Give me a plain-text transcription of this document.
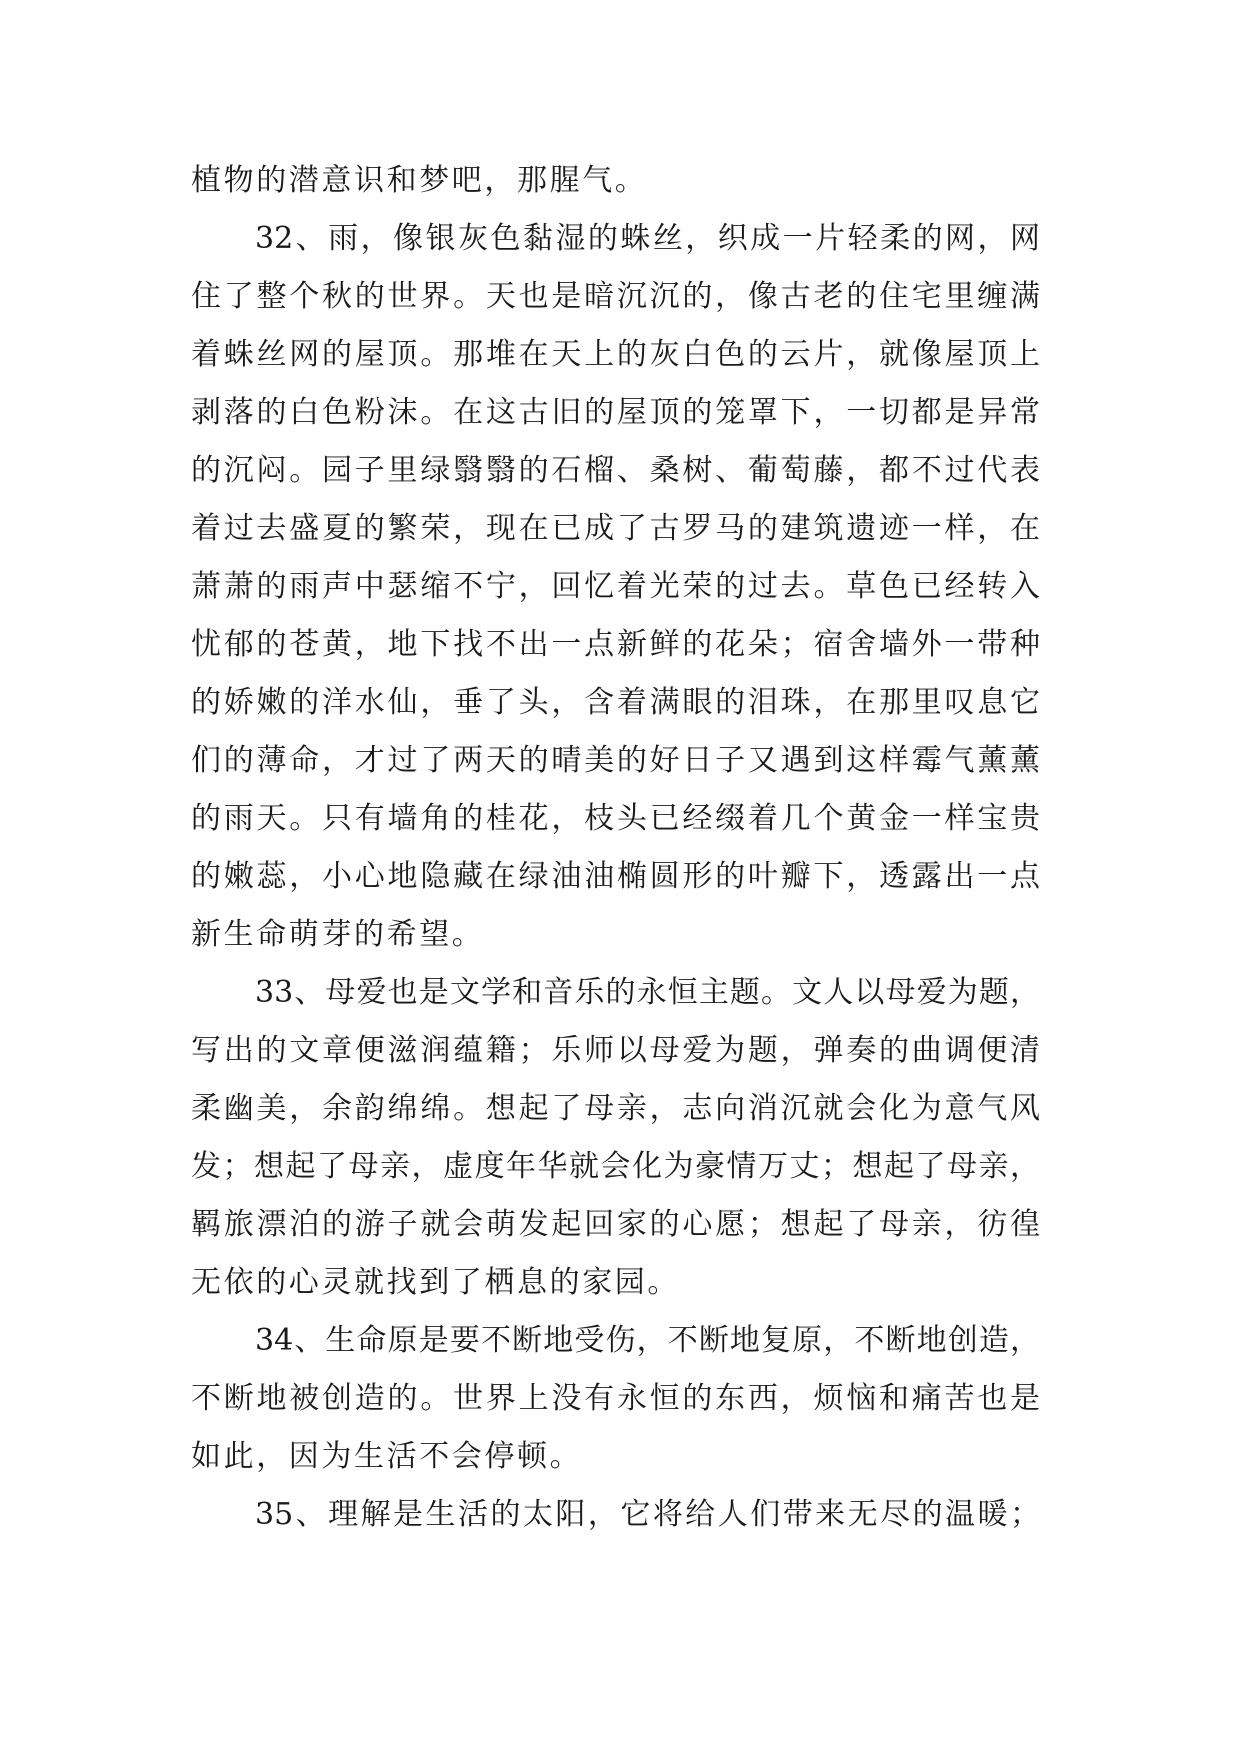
植物的潜意识和梦吧，那腥气。
32、雨，像银灰色黏湿的蛛丝，织成一片轻柔的网，网
住了整个秋的世界。天也是暗沉沉的，像古老的住宅里缠满
着蛛丝网的屋顶。那堆在天上的灰白色的云片，就像屋顶上
剥落的白色粉沫。在这古旧的屋顶的笼罩下，一切都是异常
的沉闷。园子里绿翳翳的石榴、桑树、葡萄藤，都不过代表
着过去盛夏的繁荣，现在已成了古罗马的建筑遗迹一样，在
萧萧的雨声中瑟缩不宁，回忆着光荣的过去。草色已经转入
忧郁的苍黄，地下找不出一点新鲜的花朵；宿舍墙外一带种
的娇嫩的洋水仙，垂了头，含着满眼的泪珠，在那里叹息它
们的薄命，才过了两天的晴美的好日子又遇到这样霉气薰薰
的雨天。只有墙角的桂花，枝头已经缀着几个黄金一样宝贵
的嫩蕊，小心地隐藏在绿油油椭圆形的叶瓣下，透露出一点
新生命萌芽的希望。
33、母爱也是文学和音乐的永恒主题。文人以母爱为题，
写出的文章便滋润蕴籍；乐师以母爱为题，弹奏的曲调便清
柔幽美，余韵绵绵。想起了母亲，志向消沉就会化为意气风
发；想起了母亲，虚度年华就会化为豪情万丈；想起了母亲，
羁旅漂泊的游子就会萌发起回家的心愿；想起了母亲，彷徨
无依的心灵就找到了栖息的家园。
34、生命原是要不断地受伤，不断地复原，不断地创造，
不断地被创造的。世界上没有永恒的东西，烦恼和痛苦也是
如此，因为生活不会停顿。
35、理解是生活的太阳，它将给人们带来无尽的温暖；
